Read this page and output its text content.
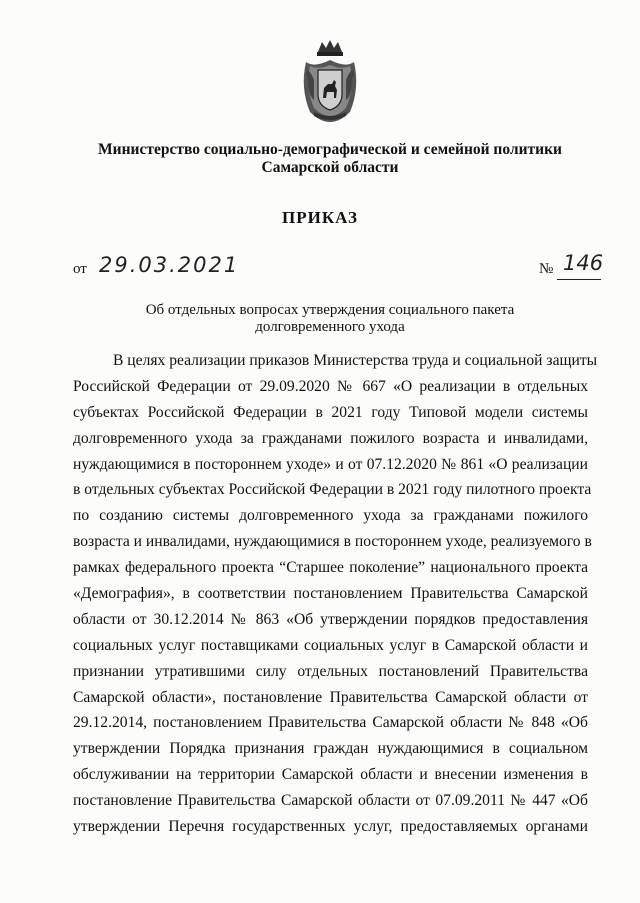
Министерство социально-демографической и семейной политики
Самарской области
ПРИКАЗ
от 29.03.2021	№ 146
Об отдельных вопросах утверждения социального пакета
долговременного ухода
В целях реализации приказов Министерства труда и социальной защиты
Российской Федерации от 29.09.2020 № 667 «О реализации в отдельных
субъектах Российской Федерации в 2021 году Типовой модели системы
долговременного ухода за гражданами пожилого возраста и инвалидами,
нуждающимися в постороннем уходе» и от 07.12.2020 № 861 «О реализации
в отдельных субъектах Российской Федерации в 2021 году пилотного проекта
по созданию системы долговременного ухода за гражданами пожилого
возраста и инвалидами, нуждающимися в постороннем уходе, реализуемого в
рамках федерального проекта “Старшее поколение” национального проекта
«Демография», в соответствии постановлением Правительства Самарской
области от 30.12.2014 № 863 «Об утверждении порядков предоставления
социальных услуг поставщиками социальных услуг в Самарской области и
признании утратившими силу отдельных постановлений Правительства
Самарской области», постановление Правительства Самарской области от
29.12.2014, постановлением Правительства Самарской области № 848 «Об
утверждении Порядка признания граждан нуждающимися в социальном
обслуживании на территории Самарской области и внесении изменения в
постановление Правительства Самарской области от 07.09.2011 № 447 «Об
утверждении Перечня государственных услуг, предоставляемых органами
